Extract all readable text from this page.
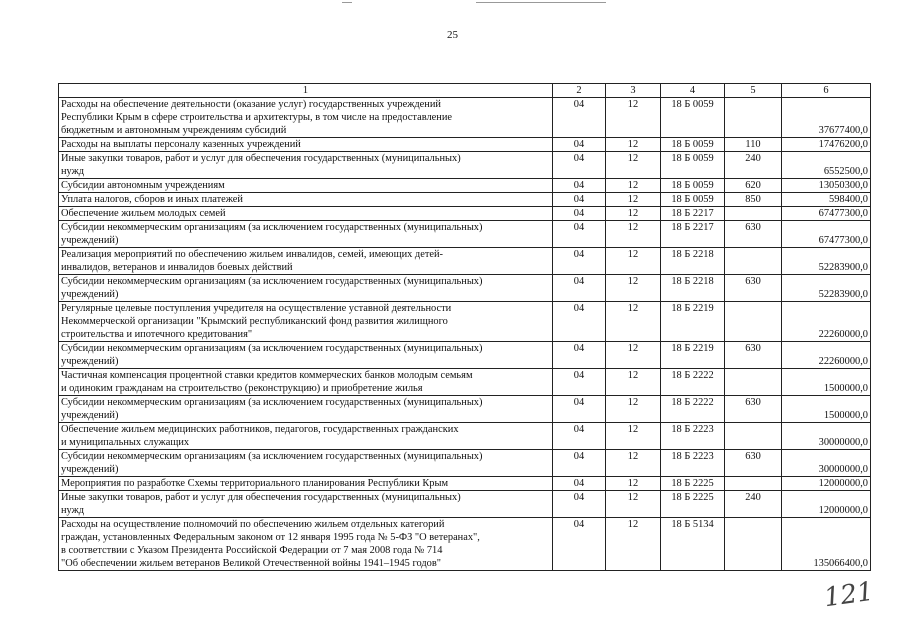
25
1	2	3	4	5	6

Расходы на обеспечение деятельности (оказание услуг) государственных учреждений
Республики Крым в сфере строительства и архитектуры, в том числе на предоставление
бюджетным и автономным учреждениям субсидий	04	12	18 Б 0059		37677400,0

Расходы на выплаты персоналу казенных учреждений	04	12	18 Б 0059	110	17476200,0

Иные закупки товаров, работ и услуг для обеспечения государственных (муниципальных)
нужд	04	12	18 Б 0059	240	6552500,0

Субсидии автономным учреждениям	04	12	18 Б 0059	620	13050300,0

Уплата налогов, сборов и иных платежей	04	12	18 Б 0059	850	598400,0

Обеспечение жильем молодых семей	04	12	18 Б 2217		67477300,0

Субсидии некоммерческим организациям (за исключением государственных (муниципальных)
учреждений)	04	12	18 Б 2217	630	67477300,0

Реализация мероприятий по обеспечению жильем инвалидов, семей, имеющих детей-
инвалидов, ветеранов и инвалидов боевых действий	04	12	18 Б 2218		52283900,0

Субсидии некоммерческим организациям (за исключением государственных (муниципальных)
учреждений)	04	12	18 Б 2218	630	52283900,0

Регулярные целевые поступления учредителя на осуществление уставной деятельности
Некоммерческой организации "Крымский республиканский фонд развития жилищного
строительства и ипотечного кредитования"	04	12	18 Б 2219		22260000,0

Субсидии некоммерческим организациям (за исключением государственных (муниципальных)
учреждений)	04	12	18 Б 2219	630	22260000,0

Частичная компенсация процентной ставки кредитов коммерческих банков молодым семьям
и одиноким гражданам на строительство (реконструкцию) и приобретение жилья	04	12	18 Б 2222		1500000,0

Субсидии некоммерческим организациям (за исключением государственных (муниципальных)
учреждений)	04	12	18 Б 2222	630	1500000,0

Обеспечение жильем медицинских работников, педагогов, государственных гражданских
и муниципальных служащих	04	12	18 Б 2223		30000000,0

Субсидии некоммерческим организациям (за исключением государственных (муниципальных)
учреждений)	04	12	18 Б 2223	630	30000000,0

Мероприятия по разработке Схемы территориального планирования Республики Крым	04	12	18 Б 2225		12000000,0

Иные закупки товаров, работ и услуг для обеспечения государственных (муниципальных)
нужд	04	12	18 Б 2225	240	12000000,0

Расходы на осуществление полномочий по обеспечению жильем отдельных категорий
граждан, установленных Федеральным законом от 12 января 1995 года № 5-ФЗ "О ветеранах",
в соответствии с Указом Президента Российской Федерации от 7 мая 2008 года № 714
"Об обеспечении жильем ветеранов Великой Отечественной войны 1941–1945 годов"	04	12	18 Б 5134		135066400,0
121
